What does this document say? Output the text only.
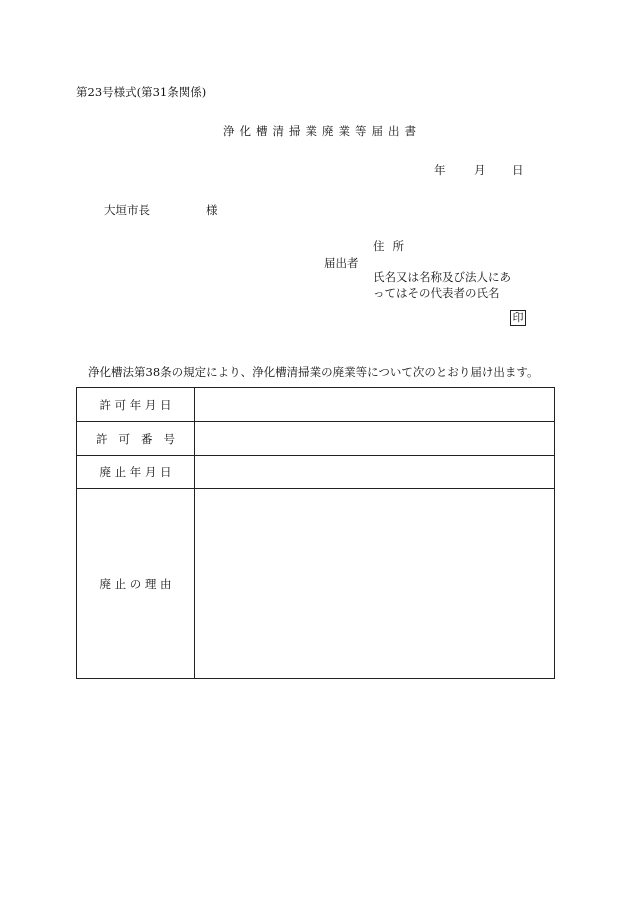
第23号様式(第31条関係)
浄化槽清掃業廃業等届出書
年 月 日
大垣市長	様
届出者
住所
氏名又は名称及び法人にあ
ってはその代表者の氏名
印
浄化槽法第38条の規定により、浄化槽清掃業の廃業等について次のとおり届け出ます。
許 可 年 月 日
許   可   番   号
廃 止 年 月 日
廃 止 の 理 由
